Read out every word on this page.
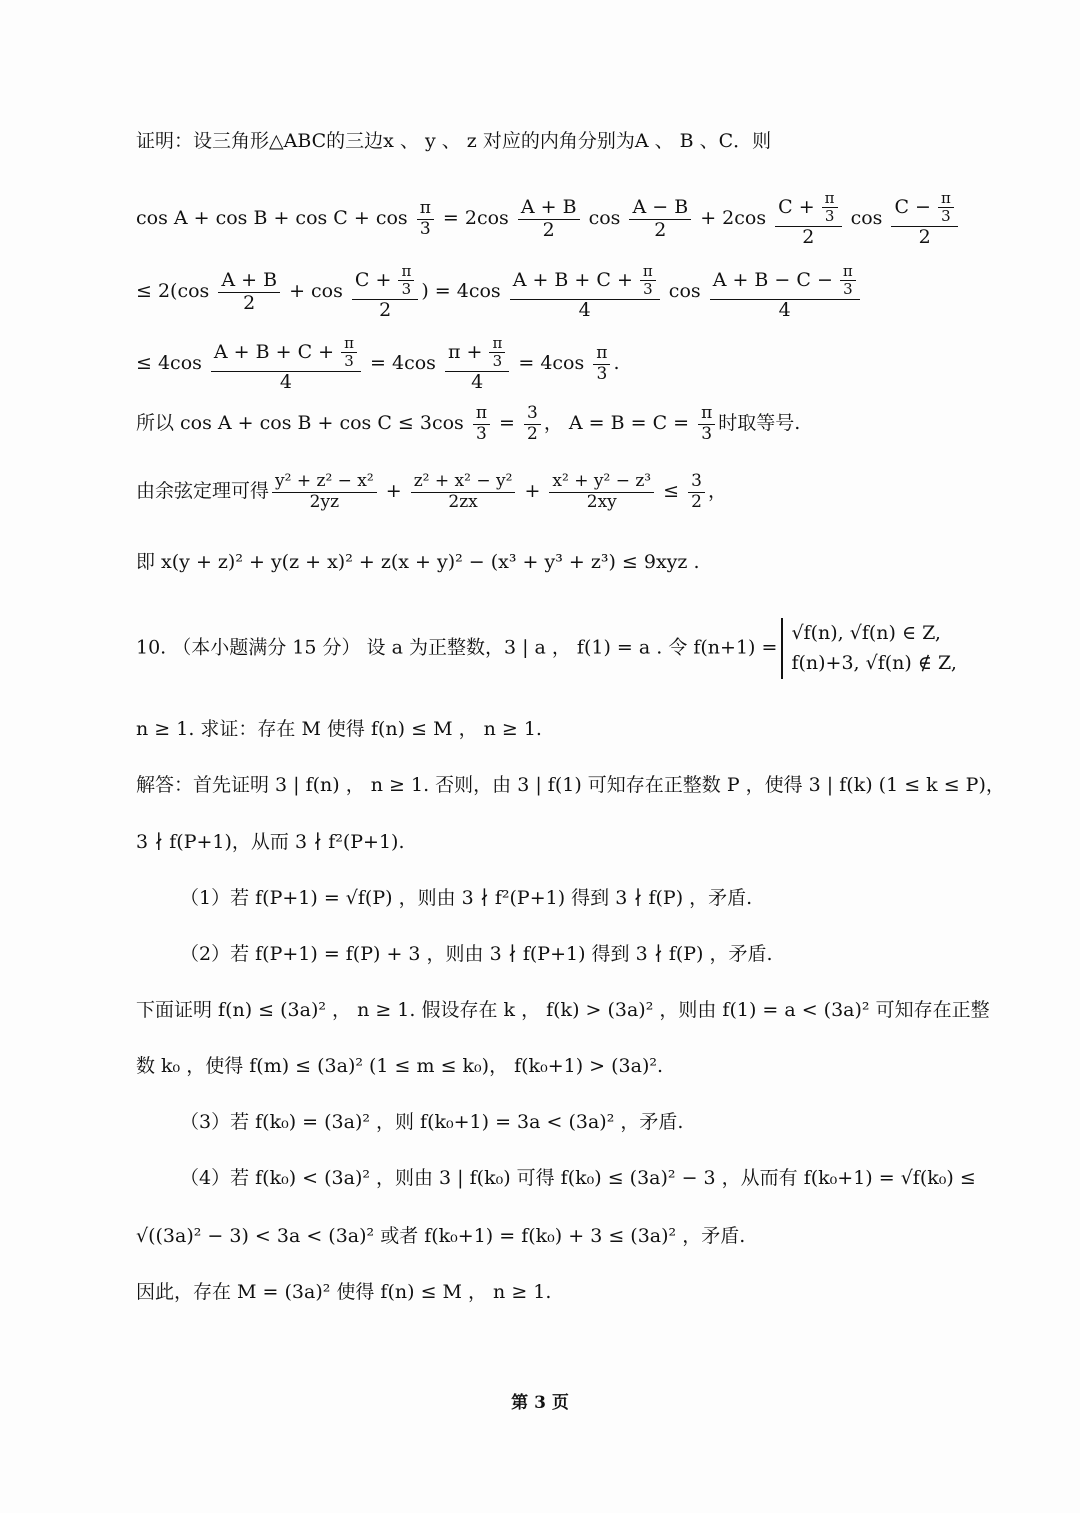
证明：设三角形△ABC的三边x 、 y 、 z 对应的内角分别为A 、 B 、C．则
$\cos A + \cos B + \cos C + \cos \frac{\pi}{3} = 2\cos \frac{A + B}{2}$ $\cos \frac{A - B}{2} + 2\cos \frac{C + \frac{\pi}{3}}{2}$ $\cos \frac{C - \frac{\pi}{3}}{2}$
≤ $2(\cos \frac{A + B}{2} + \cos \frac{C + \frac{\pi}{3}}{2}$ ) = $4\cos \frac{A + B + C + \frac{\pi}{3}}{4}$ $\cos \frac{A + B - C - \frac{\pi}{3}}{4}$
≤ $4\cos \frac{A + B + C + \frac{\pi}{3}}{4} = 4\cos \frac{\pi + \frac{\pi}{3}}{4} = 4\cos \frac{\pi}{3}$ .
所以 $\cos A + \cos B + \cos C \le 3\cos \frac{\pi}{3} = \frac{3}{2}$ ， $A = B = C = \frac{\pi}{3}$ 时取等号.
由余弦定理可得 $\frac{\text{y² + z² − x²}}{2yz} + \frac{\text{z² + x² − y²}}{2zx} + \frac{\text{x² + y² − z³}}{2xy} \le \frac{3}{2}$ ，
即 x(y + z)² + y(z + x)² + z(x + y)² − (x³ + y³ + z³) ≤ 9xyz .
10. （本小题满分 15 分） 设 a 为正整数，3 | a ， f(1) = a . 令 f(n+1) =
√f(n), √f(n) ∈ Z,
f(n)+3, √f(n) ∉ Z,
n ≥ 1. 求证：存在 M 使得 f(n) ≤ M ， n ≥ 1.
解答：首先证明 3 | f(n) ， n ≥ 1. 否则，由 3 | f(1) 可知存在正整数 P ，使得 3 | f(k) (1 ≤ k ≤ P)，
3 ∤ f(P+1)，从而 3 ∤ f²(P+1).
（1）若 f(P+1) = √f(P) ，则由 3 ∤ f²(P+1) 得到 3 ∤ f(P) ，矛盾.
（2）若 f(P+1) = f(P) + 3 ，则由 3 ∤ f(P+1) 得到 3 ∤ f(P) ，矛盾.
下面证明 f(n) ≤ (3a)² ， n ≥ 1. 假设存在 k ， f(k) > (3a)² ，则由 f(1) = a < (3a)² 可知存在正整
数 k₀ ，使得 f(m) ≤ (3a)² (1 ≤ m ≤ k₀)， f(k₀+1) > (3a)².
（3）若 f(k₀) = (3a)² ，则 f(k₀+1) = 3a < (3a)² ，矛盾.
（4）若 f(k₀) < (3a)² ，则由 3 | f(k₀) 可得 f(k₀) ≤ (3a)² − 3 ，从而有 f(k₀+1) = √f(k₀) ≤
√((3a)² − 3) < 3a < (3a)² 或者 f(k₀+1) = f(k₀) + 3 ≤ (3a)² ，矛盾.
因此，存在 M = (3a)² 使得 f(n) ≤ M ， n ≥ 1.
第 3 页
